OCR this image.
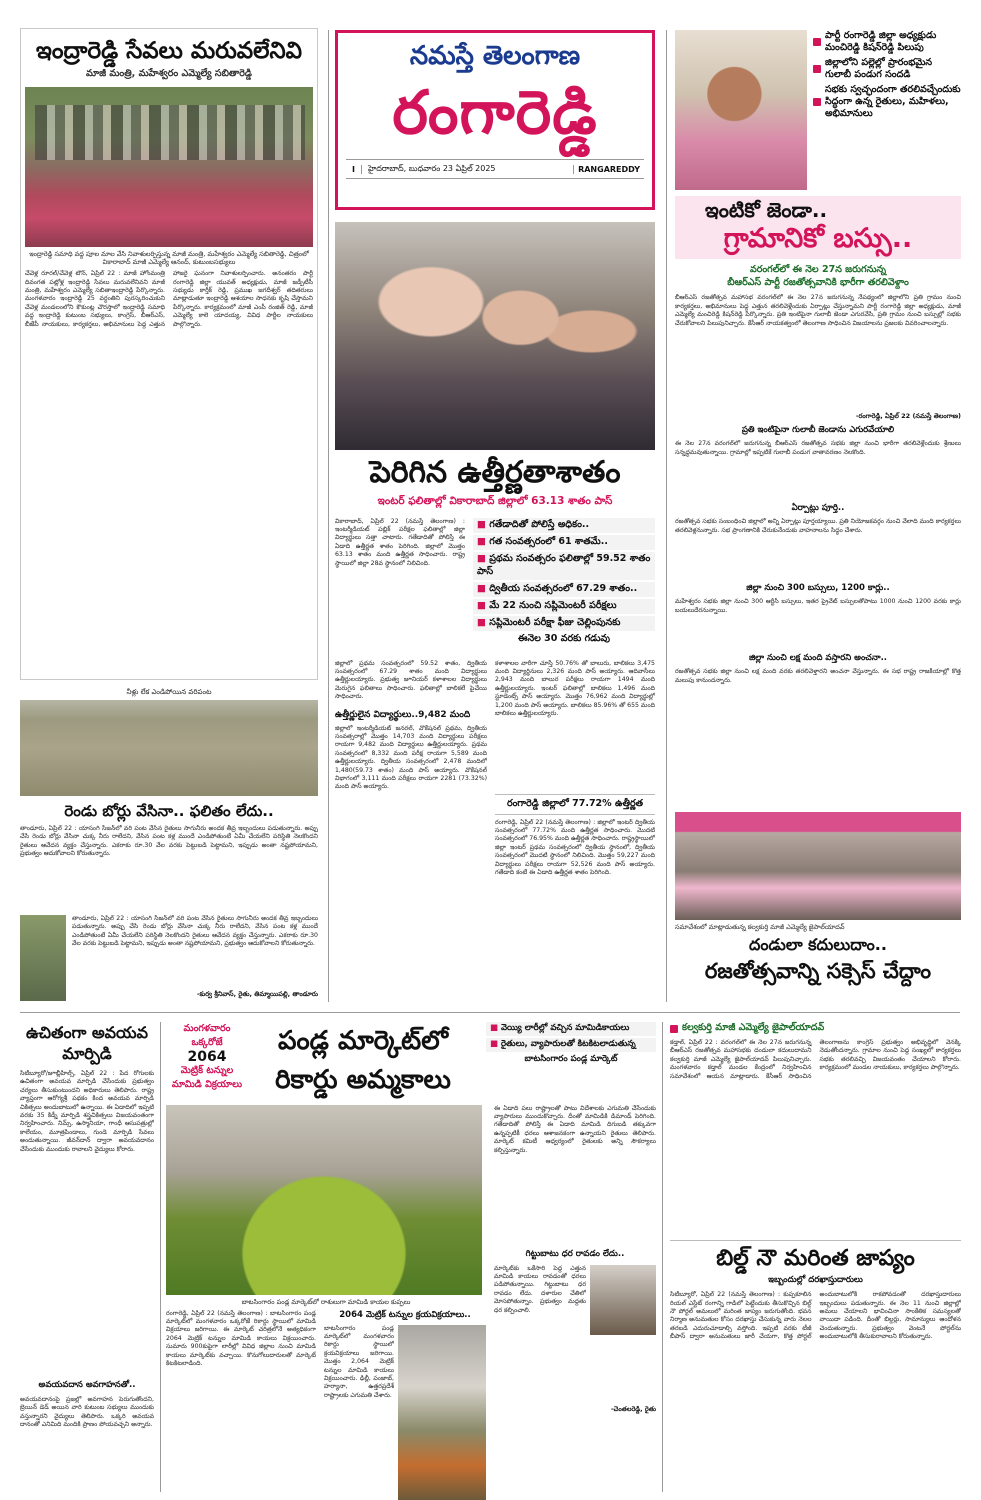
ఇంద్రారెడ్డి సేవలు మరువలేనివి
మాజీ మంత్రి, మహేశ్వరం ఎమ్మెల్యే సబితారెడ్డి
ఇంద్రారెడ్డి సమాధి వద్ద పూల మాల వేసి నివాళులర్పిస్తున్న మాజీ మంత్రి, మహేశ్వరం ఎమ్మెల్యే సబితారెడ్డి, చిత్రంలో వికారాబాద్ మాజీ ఎమ్మెల్యే ఆనంద్, కుటుంబసభ్యులు
చేవెళ్ల రూరల్/చేవెళ్ల టౌన్, ఏప్రిల్ 22 : మాజీ హోంమంత్రి దివంగత పట్లోళ్ల ఇంద్రారెడ్డి సేవలు మరువలేనివని మాజీ మంత్రి, మహేశ్వరం ఎమ్మెల్యే సబితాఇంద్రారెడ్డి పేర్కొన్నారు. మంగళవారం ఇంద్రారెడ్డి 25 వర్ధంతిని పురస్కరించుకుని చేవెళ్ల మండలంలోని కౌకుంట్ల చౌరస్తాలో ఇంద్రారెడ్డి సమాధి వద్ద ఇంద్రారెడ్డి కుటుంబ సభ్యులు, కాంగ్రెస్, బీఆర్ఎస్, బీజేపీ నాయకులు, కార్యకర్తలు, అభిమానులు పెద్ద ఎత్తున హాజరై ఘనంగా నివాళులర్పించారు. అనంతరం పార్టీ రంగారెడ్డి జిల్లా యువత్ అధ్యక్షుడు, మాజీ జడ్పీటీసీ సభ్యుడు కార్తీక్ రెడ్డి, ప్రముఖ జగదీశ్వర్ తదితరులు మాట్లాడుతూ ఇంద్రారెడ్డి ఆశయాల సాధనకు కృషి చేస్తామని పేర్కొన్నారు. కార్యక్రమంలో మాజీ ఎంపీ రంజిత్ రెడ్డి, మాజీ ఎమ్మెల్యే కాలె యాదయ్య, వివిధ పార్టీల నాయకులు పాల్గొన్నారు.
నీళ్లు లేక ఎండిపోయిన వరిపంట
రెండు బోర్లు వేసినా.. ఫలితం లేదు..
తాండూరు, ఏప్రిల్ 22 : యాసంగి సీజన్‌లో వరి పంట వేసిన రైతులు సాగునీరు అందక తీవ్ర ఇబ్బందులు పడుతున్నారు. అప్పు చేసి రెండు బోర్లు వేసినా చుక్క నీరు రాలేదని, వేసిన పంట కళ్ల ముందే ఎండిపోతుంటే ఏమీ చేయలేని పరిస్థితి నెలకొందని రైతులు ఆవేదన వ్యక్తం చేస్తున్నారు. ఎకరాకు రూ.30 వేల వరకు పెట్టుబడి పెట్టామని, ఇప్పుడు అంతా నష్టపోయామని, ప్రభుత్వం ఆదుకోవాలని కోరుతున్నారు.
తాండూరు, ఏప్రిల్ 22 : యాసంగి సీజన్‌లో వరి పంట వేసిన రైతులు సాగునీరు అందక తీవ్ర ఇబ్బందులు పడుతున్నారు. అప్పు చేసి రెండు బోర్లు వేసినా చుక్క నీరు రాలేదని, వేసిన పంట కళ్ల ముందే ఎండిపోతుంటే ఏమీ చేయలేని పరిస్థితి నెలకొందని రైతులు ఆవేదన వ్యక్తం చేస్తున్నారు. ఎకరాకు రూ.30 వేల వరకు పెట్టుబడి పెట్టామని, ఇప్పుడు అంతా నష్టపోయామని, ప్రభుత్వం ఆదుకోవాలని కోరుతున్నారు.
-కుర్వ శ్రీనివాస్, రైతు, తిమ్మాయిపల్లి, తాండూరు
నమస్తే తెలంగాణ
రంగారెడ్డి
I	హైదరాబాద్, బుధవారం 23 ఏప్రిల్ 2025	RANGAREDDY
పెరిగిన ఉత్తీర్ణతాశాతం
ఇంటర్ ఫలితాల్లో వికారాబాద్ జిల్లాలో 63.13 శాతం పాస్
వికారాబాద్, ఏప్రిల్ 22 (నమస్తే తెలంగాణ) : ఇంటర్మీడియట్ పబ్లిక్ పరీక్షల ఫలితాల్లో జిల్లా విద్యార్థులు సత్తా చాటారు. గతేడాదితో పోలిస్తే ఈ ఏడాది ఉత్తీర్ణత శాతం పెరిగింది. జిల్లాలో మొత్తం 63.13 శాతం మంది ఉత్తీర్ణత సాధించారు. రాష్ట్ర స్థాయిలో జిల్లా 28వ స్థానంలో నిలిచింది.
■ గతేడాదితో పోలిస్తే అధికం..
■ గత సంవత్సరంలో 61 శాతమే..
■ ప్రథమ సంవత్సరం ఫలితాల్లో 59.52 శాతం పాస్
■ ద్వితీయ సంవత్సరంలో 67.29 శాతం..
■ మే 22 నుంచి సప్లిమెంటరీ పరీక్షలు
■ సప్లిమెంటరీ పరీక్షా ఫీజు చెల్లింపునకు
ఈనెల 30 వరకు గడువు
జిల్లాలో ప్రథమ సంవత్సరంలో 59.52 శాతం, ద్వితీయ సంవత్సరంలో 67.29 శాతం మంది విద్యార్థులు ఉత్తీర్ణులయ్యారు. ప్రభుత్వ జూనియర్ కళాశాలల విద్యార్థులు మెరుగైన ఫలితాలు సాధించారు. ఫలితాల్లో బాలికలే పైచేయి సాధించారు.
ఉత్తీర్ణులైన విద్యార్థులు..9,482 మంది
జిల్లాలో ఇంటర్మీడియట్ జనరల్, వొకేషనల్ ప్రథమ, ద్వితీయ సంవత్సరాల్లో మొత్తం 14,703 మంది విద్యార్థులు పరీక్షలు రాయగా 9,482 మంది విద్యార్థులు ఉత్తీర్ణులయ్యారు. ప్రథమ సంవత్సరంలో 8,332 మంది పరీక్ష రాయగా 5,589 మంది ఉత్తీర్ణులయ్యారు. ద్వితీయ సంవత్సరంలో 2,478 మందిలో 1,480(59.73 శాతం) మంది పాస్ అయ్యారు. వొకేషనల్ విభాగంలో 3,111 మంది పరీక్షలు రాయగా 2281 (73.32%) మంది పాస్ అయ్యారు.
కళాశాలల వారీగా చూస్తే 50.76% తో బాలురు, బాలికలు 3,475 మంది విద్యార్థినులు 2,326 మంది పాస్ అయ్యారు. ఆదివాసీలు 2,943 మంది బాలుర పరీక్షలు రాయగా 1494 మంది ఉత్తీర్ణులయ్యారు. ఇంటర్ ఫలితాల్లో బాలికలు 1,496 మంది స్టూడెంట్స్ పాస్ అయ్యారు. మొత్తం 76,962 మంది విద్యార్థుల్లో 1,200 మంది పాస్ అయ్యారు. బాలికలు 85.96% తో 655 మంది బాలికలు ఉత్తీర్ణులయ్యారు.
రంగారెడ్డి జిల్లాలో 77.72% ఉత్తీర్ణత
రంగారెడ్డి, ఏప్రిల్ 22 (నమస్తే తెలంగాణ) : జిల్లాలో ఇంటర్ ద్వితీయ సంవత్సరంలో 77.72% మంది ఉత్తీర్ణత సాధించారు. మొదటి సంవత్సరంలో 76.95% మంది ఉత్తీర్ణత సాధించారు. రాష్ట్రస్థాయిలో జిల్లా ఇంటర్ ప్రథమ సంవత్సరంలో ద్వితీయ స్థానంలో, ద్వితీయ సంవత్సరంలో మొదటి స్థానంలో నిలిచింది. మొత్తం 59,227 మంది విద్యార్థులు పరీక్షలు రాయగా 52,526 మంది పాస్ అయ్యారు. గతేడాది కంటే ఈ ఏడాది ఉత్తీర్ణత శాతం పెరిగింది.
పార్టీ రంగారెడ్డి జిల్లా అధ్యక్షుడు మంచిరెడ్డి కిషన్‌రెడ్డి పిలుపు
జిల్లాలోని పల్లెల్లో ప్రారంభమైన గులాబీ పండుగ సందడి
సభకు స్వచ్ఛందంగా తరలివచ్చేందుకు సిద్ధంగా ఉన్న రైతులు, మహిళలు, అభిమానులు
ఇంటికో జెండా..
గ్రామానికో బస్సు..
వరంగల్‌లో ఈ నెల 27న జరుగనున్న
బీఆర్ఎస్ పార్టీ రజతోత్సవానికి భారీగా తరలివెళ్దాం
బీఆర్ఎస్ రజతోత్సవ మహాసభ వరంగల్‌లో ఈ నెల 27న జరుగనున్న నేపథ్యంలో జిల్లాలోని ప్రతి గ్రామం నుంచి కార్యకర్తలు, అభిమానులు పెద్ద ఎత్తున తరలివెళ్లేందుకు ఏర్పాట్లు చేస్తున్నామని పార్టీ రంగారెడ్డి జిల్లా అధ్యక్షుడు, మాజీ ఎమ్మెల్యే మంచిరెడ్డి కిషన్‌రెడ్డి పేర్కొన్నారు. ప్రతి ఇంటిపైనా గులాబీ జెండా ఎగురవేసి, ప్రతి గ్రామం నుంచి బస్సుల్లో సభకు చేరుకోవాలని పిలుపునిచ్చారు. కేసీఆర్ నాయకత్వంలో తెలంగాణ సాధించిన విజయాలను ప్రజలకు వివరించాలన్నారు.
-రంగారెడ్డి, ఏప్రిల్ 22 (నమస్తే తెలంగాణ)
ప్రతి ఇంటిపైనా గులాబీ జెండాను ఎగురవేయాలి
ఈ నెల 27న వరంగల్‌లో జరుగనున్న బీఆర్ఎస్ రజతోత్సవ సభకు జిల్లా నుంచి భారీగా తరలివెళ్లేందుకు శ్రేణులు సన్నద్ధమవుతున్నాయి. గ్రామాల్లో ఇప్పటికే గులాబీ పండుగ వాతావరణం నెలకొంది.
ఏర్పాట్లు పూర్తి..
రజతోత్సవ సభకు సంబంధించి జిల్లాలో అన్ని ఏర్పాట్లు పూర్తయ్యాయి. ప్రతి నియోజకవర్గం నుంచి వేలాది మంది కార్యకర్తలు తరలివెళ్లనున్నారు. సభ ప్రాంగణానికి చేరుకునేందుకు వాహనాలను సిద్ధం చేశారు.
జిల్లా నుంచి 300 బస్సులు, 1200 కార్లు..
మహేశ్వరం సభకు జిల్లా నుంచి 300 ఆర్టీసీ బస్సులు, ఇతర ప్రైవేట్ బస్సులతోపాటు 1000 నుంచి 1200 వరకు కార్లు బయలుదేరనున్నాయి.
జిల్లా నుంచి లక్ష మంది వస్తారని అంచనా..
రజతోత్సవ సభకు జిల్లా నుంచి లక్ష మంది వరకు తరలివెళ్తారని అంచనా వేస్తున్నారు. ఈ సభ రాష్ట్ర రాజకీయాల్లో కొత్త మలుపు కానుందన్నారు.
సమావేశంలో మాట్లాడుతున్న కల్వకుర్తి మాజీ ఎమ్మెల్యే జైపాల్‌యాదవ్
దండులా కదులుదాం..
రజతోత్సవాన్ని సక్సెస్ చేద్దాం
ఉచితంగా అవయవ మార్పిడి
సిటీబ్యూరో/జూబ్లీహిల్స్, ఏప్రిల్ 22 : పేద రోగులకు ఉచితంగా అవయవ మార్పిడి చేసేందుకు ప్రభుత్వం చర్యలు తీసుకుంటుందని అధికారులు తెలిపారు. రాష్ట్ర వ్యాప్తంగా ఆరోగ్యశ్రీ పథకం కింద అవయవ మార్పిడి చికిత్సలు అందుబాటులో ఉన్నాయి. ఈ ఏడాదిలో ఇప్పటి వరకు 35 కిడ్నీ మార్పిడి శస్త్రచికిత్సలు విజయవంతంగా నిర్వహించారు. నిమ్స్, ఉస్మానియా, గాంధీ ఆసుపత్రుల్లో కాలేయం, మూత్రపిండాలు, గుండె మార్పిడి సేవలు అందుతున్నాయి. జీవన్‌దాన్ ద్వారా అవయవదానం చేసేందుకు ముందుకు రావాలని వైద్యులు కోరారు.
అవయవదాన అవగాహనతో..
అవయవదానంపై ప్రజల్లో అవగాహన పెరుగుతోందని, బ్రెయిన్ డెడ్ అయిన వారి కుటుంబ సభ్యులు ముందుకు వస్తున్నారని వైద్యులు తెలిపారు. ఒక్కరి అవయవ దానంతో ఎనిమిది మందికి ప్రాణం పోయవచ్చని అన్నారు.
మంగళవారం
ఒక్కరోజే
2064
మెట్రిక్ టన్నుల
మామిడి విక్రయాలు
పండ్ల మార్కెట్‌లో
రికార్డు అమ్మకాలు
■ వెయ్యి లారీల్లో వచ్చిన మామిడికాయలు
■ రైతులు, వ్యాపారులతో కిటకిటలాడుతున్న
బాటసింగారం పండ్ల మార్కెట్
బాటసింగారం పండ్ల మార్కెట్‌లో రాశులుగా మామిడి కాయల కుప్పలు
రంగారెడ్డి, ఏప్రిల్ 22 (నమస్తే తెలంగాణ) : బాటసింగారం పండ్ల మార్కెట్‌లో మంగళవారం ఒక్కరోజే రికార్డు స్థాయిలో మామిడి విక్రయాలు జరిగాయి. ఈ మార్కెట్ చరిత్రలోనే అత్యధికంగా 2064 మెట్రిక్ టన్నుల మామిడి కాయలు విక్రయించారు. సుమారు 900కుపైగా లారీల్లో వివిధ జిల్లాల నుంచి మామిడి కాయలు మార్కెట్‌కు వచ్చాయి. కొనుగోలుదారులతో మార్కెట్ కిటకిటలాడింది.
2064 మెట్రిక్ టన్నుల క్రయవిక్రయాలు..
బాటసింగారం పండ్ల మార్కెట్‌లో మంగళవారం రికార్డు స్థాయిలో క్రయవిక్రయాలు జరిగాయి. మొత్తం 2,064 మెట్రిక్ టన్నుల మామిడి కాయలు విక్రయించారు. ఢిల్లీ, పంజాబ్, హర్యానా, ఉత్తరప్రదేశ్ రాష్ట్రాలకు ఎగుమతి చేశారు.
ఈ ఏడాది పలు రాష్ట్రాలతో పాటు విదేశాలకు ఎగుమతి చేసేందుకు వ్యాపారులు ముందుకొచ్చారు. దీంతో మామిడికి డిమాండ్ పెరిగింది. గతేడాదితో పోలిస్తే ఈ ఏడాది మామిడి దిగుబడి తక్కువగా ఉన్నప్పటికీ ధరలు ఆశాజనకంగా ఉన్నాయని రైతులు తెలిపారు. మార్కెట్ కమిటీ ఆధ్వర్యంలో రైతులకు అన్ని సౌకర్యాలు కల్పిస్తున్నారు.
గిట్టుబాటు ధర రావడం లేదు..
మార్కెట్‌కు ఒకేసారి పెద్ద ఎత్తున మామిడి కాయలు రావడంతో ధరలు పడిపోతున్నాయి. గిట్టుబాటు ధర రావడం లేదు. దళారుల చేతిలో మోసపోతున్నాం. ప్రభుత్వం మద్దతు ధర కల్పించాలి.
-చెంతలరెడ్డి, రైతు
కల్వకుర్తి మాజీ ఎమ్మెల్యే జైపాల్‌యాదవ్
కడ్తాల్, ఏప్రిల్ 22 : వరంగల్‌లో ఈ నెల 27న జరుగనున్న బీఆర్ఎస్ రజతోత్సవ మహాసభకు దండులా కదులుదామని కల్వకుర్తి మాజీ ఎమ్మెల్యే జైపాల్‌యాదవ్ పిలుపునిచ్చారు. మంగళవారం కడ్తాల్ మండల కేంద్రంలో నిర్వహించిన సమావేశంలో ఆయన మాట్లాడారు. కేసీఆర్ సాధించిన తెలంగాణను కాంగ్రెస్ ప్రభుత్వం అభివృద్ధిలో వెనక్కి నెడుతోందన్నారు. గ్రామాల నుంచి పెద్ద సంఖ్యలో కార్యకర్తలు సభకు తరలివచ్చి విజయవంతం చేయాలని కోరారు. కార్యక్రమంలో మండల నాయకులు, కార్యకర్తలు పాల్గొన్నారు.
బిల్డ్ నౌ మరింత జాప్యం
ఇబ్బందుల్లో దరఖాస్తుదారులు
సిటీబ్యూరో, ఏప్రిల్ 22 (నమస్తే తెలంగాణ) : కుప్పకూలిన రియల్ ఎస్టేట్ రంగాన్ని గాడిలో పెట్టేందుకు తీసుకొచ్చిన బిల్డ్ నౌ పోర్టల్ అమలులో మరింత జాప్యం జరుగుతోంది. భవన నిర్మాణ అనుమతుల కోసం దరఖాస్తు చేసుకున్న వారు నెలల తరబడి ఎదురుచూడాల్సి వస్తోంది. ఇప్పటి వరకు టీజీ బీపాస్ ద్వారా అనుమతులు జారీ చేయగా, కొత్త పోర్టల్ అందుబాటులోకి రాకపోవడంతో దరఖాస్తుదారులు ఇబ్బందులు పడుతున్నారు. ఈ నెల 11 నుంచి జిల్లాల్లో అమలు చేయాలని భావించినా సాంకేతిక సమస్యలతో వాయిదా పడింది. దీంతో బిల్డర్లు, సామాన్యులు ఆందోళన చెందుతున్నారు. ప్రభుత్వం వెంటనే పోర్టల్‌ను అందుబాటులోకి తీసుకురావాలని కోరుతున్నారు.
